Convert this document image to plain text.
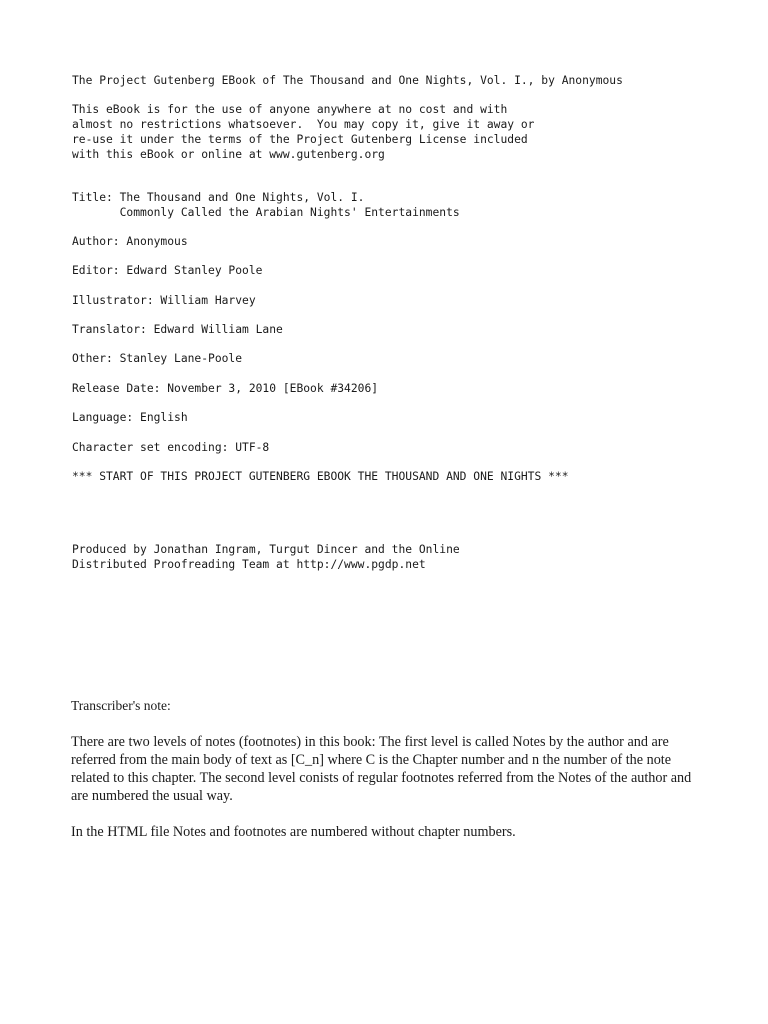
The Project Gutenberg EBook of The Thousand and One Nights, Vol. I., by Anonymous

This eBook is for the use of anyone anywhere at no cost and with
almost no restrictions whatsoever.  You may copy it, give it away or
re-use it under the terms of the Project Gutenberg License included
with this eBook or online at www.gutenberg.org

Title: The Thousand and One Nights, Vol. I.
Commonly Called the Arabian Nights' Entertainments

Author: Anonymous

Editor: Edward Stanley Poole

Illustrator: William Harvey

Translator: Edward William Lane

Other: Stanley Lane-Poole

Release Date: November 3, 2010 [EBook #34206]

Language: English

Character set encoding: UTF-8

*** START OF THIS PROJECT GUTENBERG EBOOK THE THOUSAND AND ONE NIGHTS ***

Produced by Jonathan Ingram, Turgut Dincer and the Online
Distributed Proofreading Team at http://www.pgdp.net

Transcriber's note:

There are two levels of notes (footnotes) in this book: The first level is called Notes by the author and are referred from the main body of text as [C_n] where C is the Chapter number and n the number of the note related to this chapter. The second level conists of regular footnotes referred from the Notes of the author and are numbered the usual way.

In the HTML file Notes and footnotes are numbered without chapter numbers.
